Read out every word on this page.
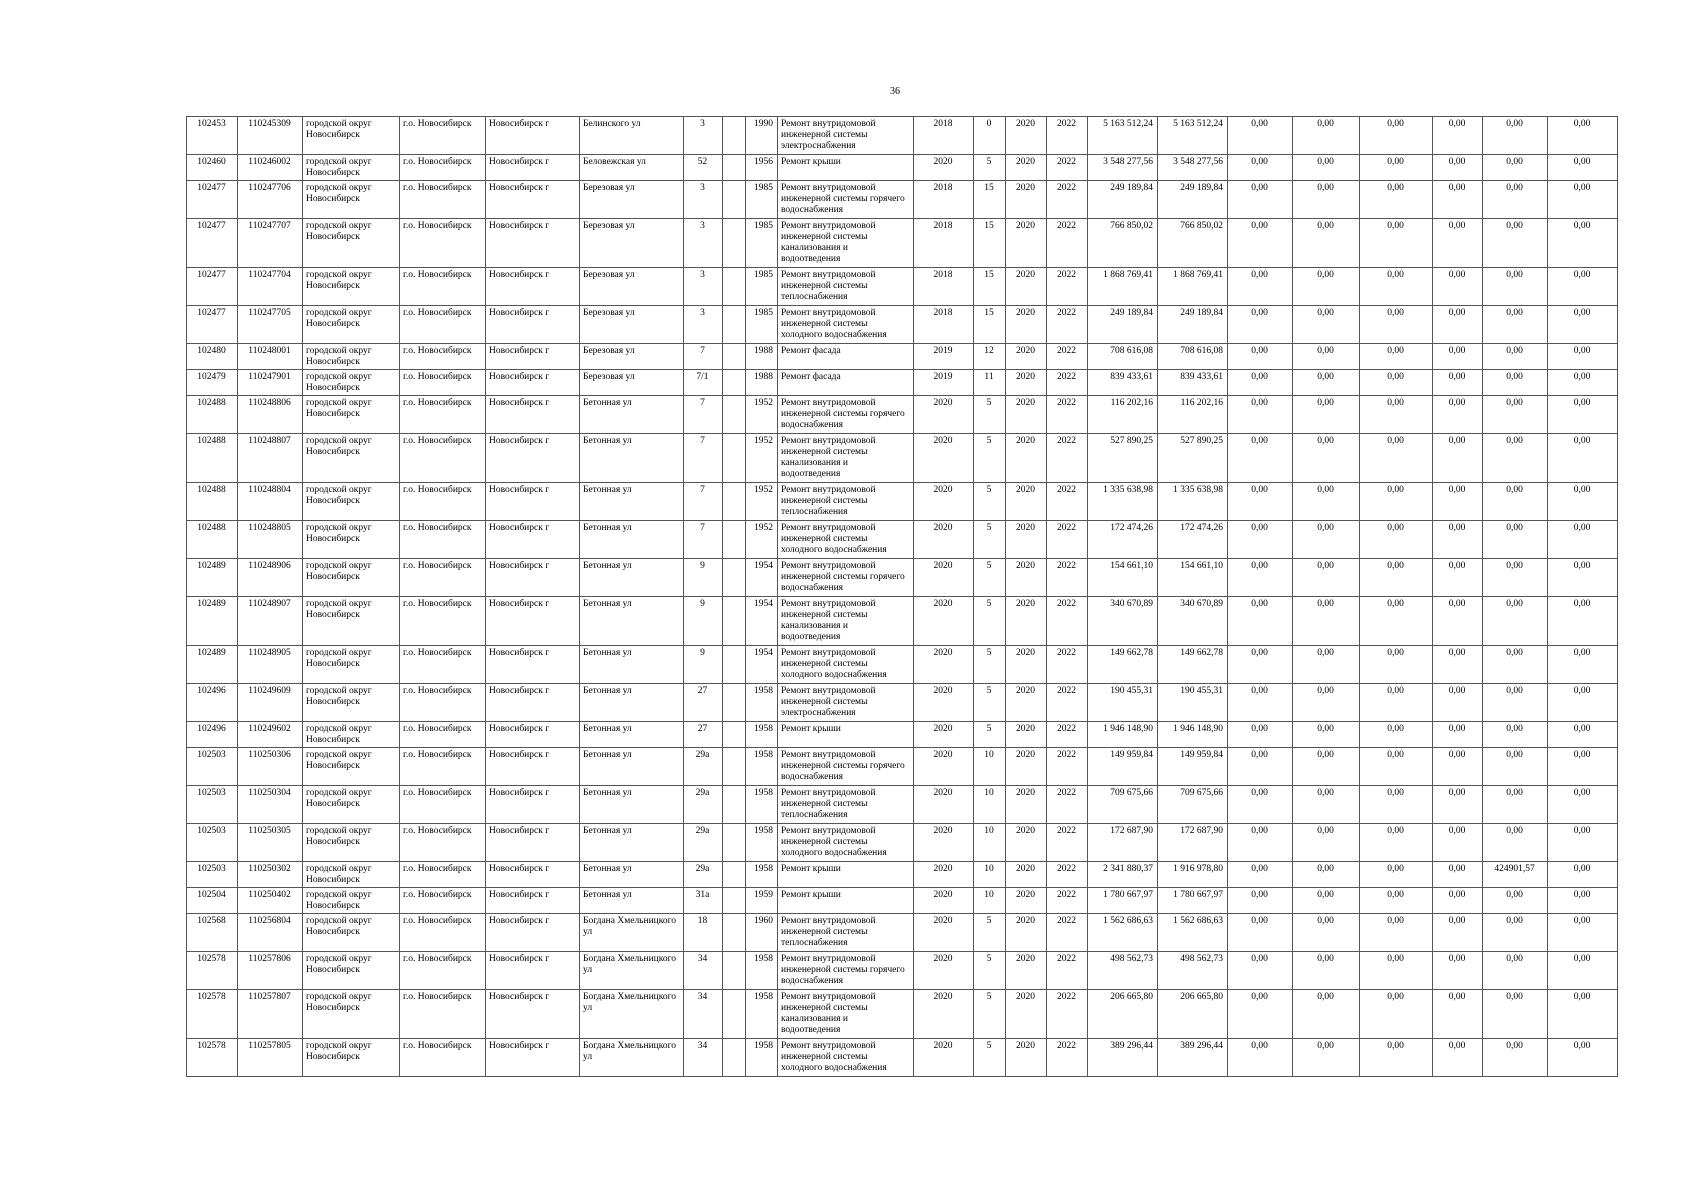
36
102453	110245309	городской округ Новосибирск	г.о. Новосибирск	Новосибирск г	Белинского ул	3		1990	Ремонт внутридомовой инженерной системы электроснабжения	2018	0	2020	2022	5 163 512,24	5 163 512,24	0,00	0,00	0,00	0,00	0,00	0,00
102460	110246002	городской округ Новосибирск	г.о. Новосибирск	Новосибирск г	Беловежская ул	52		1956	Ремонт крыши	2020	5	2020	2022	3 548 277,56	3 548 277,56	0,00	0,00	0,00	0,00	0,00	0,00
102477	110247706	городской округ Новосибирск	г.о. Новосибирск	Новосибирск г	Березовая ул	3		1985	Ремонт внутридомовой инженерной системы горячего водоснабжения	2018	15	2020	2022	249 189,84	249 189,84	0,00	0,00	0,00	0,00	0,00	0,00
102477	110247707	городской округ Новосибирск	г.о. Новосибирск	Новосибирск г	Березовая ул	3		1985	Ремонт внутридомовой инженерной системы канализования и водоотведения	2018	15	2020	2022	766 850,02	766 850,02	0,00	0,00	0,00	0,00	0,00	0,00
102477	110247704	городской округ Новосибирск	г.о. Новосибирск	Новосибирск г	Березовая ул	3		1985	Ремонт внутридомовой инженерной системы теплоснабжения	2018	15	2020	2022	1 868 769,41	1 868 769,41	0,00	0,00	0,00	0,00	0,00	0,00
102477	110247705	городской округ Новосибирск	г.о. Новосибирск	Новосибирск г	Березовая ул	3		1985	Ремонт внутридомовой инженерной системы холодного водоснабжения	2018	15	2020	2022	249 189,84	249 189,84	0,00	0,00	0,00	0,00	0,00	0,00
102480	110248001	городской округ Новосибирск	г.о. Новосибирск	Новосибирск г	Березовая ул	7		1988	Ремонт фасада	2019	12	2020	2022	708 616,08	708 616,08	0,00	0,00	0,00	0,00	0,00	0,00
102479	110247901	городской округ Новосибирск	г.о. Новосибирск	Новосибирск г	Березовая ул	7/1		1988	Ремонт фасада	2019	11	2020	2022	839 433,61	839 433,61	0,00	0,00	0,00	0,00	0,00	0,00
102488	110248806	городской округ Новосибирск	г.о. Новосибирск	Новосибирск г	Бетонная ул	7		1952	Ремонт внутридомовой инженерной системы горячего водоснабжения	2020	5	2020	2022	116 202,16	116 202,16	0,00	0,00	0,00	0,00	0,00	0,00
102488	110248807	городской округ Новосибирск	г.о. Новосибирск	Новосибирск г	Бетонная ул	7		1952	Ремонт внутридомовой инженерной системы канализования и водоотведения	2020	5	2020	2022	527 890,25	527 890,25	0,00	0,00	0,00	0,00	0,00	0,00
102488	110248804	городской округ Новосибирск	г.о. Новосибирск	Новосибирск г	Бетонная ул	7		1952	Ремонт внутридомовой инженерной системы теплоснабжения	2020	5	2020	2022	1 335 638,98	1 335 638,98	0,00	0,00	0,00	0,00	0,00	0,00
102488	110248805	городской округ Новосибирск	г.о. Новосибирск	Новосибирск г	Бетонная ул	7		1952	Ремонт внутридомовой инженерной системы холодного водоснабжения	2020	5	2020	2022	172 474,26	172 474,26	0,00	0,00	0,00	0,00	0,00	0,00
102489	110248906	городской округ Новосибирск	г.о. Новосибирск	Новосибирск г	Бетонная ул	9		1954	Ремонт внутридомовой инженерной системы горячего водоснабжения	2020	5	2020	2022	154 661,10	154 661,10	0,00	0,00	0,00	0,00	0,00	0,00
102489	110248907	городской округ Новосибирск	г.о. Новосибирск	Новосибирск г	Бетонная ул	9		1954	Ремонт внутридомовой инженерной системы канализования и водоотведения	2020	5	2020	2022	340 670,89	340 670,89	0,00	0,00	0,00	0,00	0,00	0,00
102489	110248905	городской округ Новосибирск	г.о. Новосибирск	Новосибирск г	Бетонная ул	9		1954	Ремонт внутридомовой инженерной системы холодного водоснабжения	2020	5	2020	2022	149 662,78	149 662,78	0,00	0,00	0,00	0,00	0,00	0,00
102496	110249609	городской округ Новосибирск	г.о. Новосибирск	Новосибирск г	Бетонная ул	27		1958	Ремонт внутридомовой инженерной системы электроснабжения	2020	5	2020	2022	190 455,31	190 455,31	0,00	0,00	0,00	0,00	0,00	0,00
102496	110249602	городской округ Новосибирск	г.о. Новосибирск	Новосибирск г	Бетонная ул	27		1958	Ремонт крыши	2020	5	2020	2022	1 946 148,90	1 946 148,90	0,00	0,00	0,00	0,00	0,00	0,00
102503	110250306	городской округ Новосибирск	г.о. Новосибирск	Новосибирск г	Бетонная ул	29а		1958	Ремонт внутридомовой инженерной системы горячего водоснабжения	2020	10	2020	2022	149 959,84	149 959,84	0,00	0,00	0,00	0,00	0,00	0,00
102503	110250304	городской округ Новосибирск	г.о. Новосибирск	Новосибирск г	Бетонная ул	29а		1958	Ремонт внутридомовой инженерной системы теплоснабжения	2020	10	2020	2022	709 675,66	709 675,66	0,00	0,00	0,00	0,00	0,00	0,00
102503	110250305	городской округ Новосибирск	г.о. Новосибирск	Новосибирск г	Бетонная ул	29а		1958	Ремонт внутридомовой инженерной системы холодного водоснабжения	2020	10	2020	2022	172 687,90	172 687,90	0,00	0,00	0,00	0,00	0,00	0,00
102503	110250302	городской округ Новосибирск	г.о. Новосибирск	Новосибирск г	Бетонная ул	29а		1958	Ремонт крыши	2020	10	2020	2022	2 341 880,37	1 916 978,80	0,00	0,00	0,00	0,00	424901,57	0,00
102504	110250402	городской округ Новосибирск	г.о. Новосибирск	Новосибирск г	Бетонная ул	31а		1959	Ремонт крыши	2020	10	2020	2022	1 780 667,97	1 780 667,97	0,00	0,00	0,00	0,00	0,00	0,00
102568	110256804	городской округ Новосибирск	г.о. Новосибирск	Новосибирск г	Богдана Хмельницкого ул	18		1960	Ремонт внутридомовой инженерной системы теплоснабжения	2020	5	2020	2022	1 562 686,63	1 562 686,63	0,00	0,00	0,00	0,00	0,00	0,00
102578	110257806	городской округ Новосибирск	г.о. Новосибирск	Новосибирск г	Богдана Хмельницкого ул	34		1958	Ремонт внутридомовой инженерной системы горячего водоснабжения	2020	5	2020	2022	498 562,73	498 562,73	0,00	0,00	0,00	0,00	0,00	0,00
102578	110257807	городской округ Новосибирск	г.о. Новосибирск	Новосибирск г	Богдана Хмельницкого ул	34		1958	Ремонт внутридомовой инженерной системы канализования и водоотведения	2020	5	2020	2022	206 665,80	206 665,80	0,00	0,00	0,00	0,00	0,00	0,00
102578	110257805	городской округ Новосибирск	г.о. Новосибирск	Новосибирск г	Богдана Хмельницкого ул	34		1958	Ремонт внутридомовой инженерной системы холодного водоснабжения	2020	5	2020	2022	389 296,44	389 296,44	0,00	0,00	0,00	0,00	0,00	0,00
